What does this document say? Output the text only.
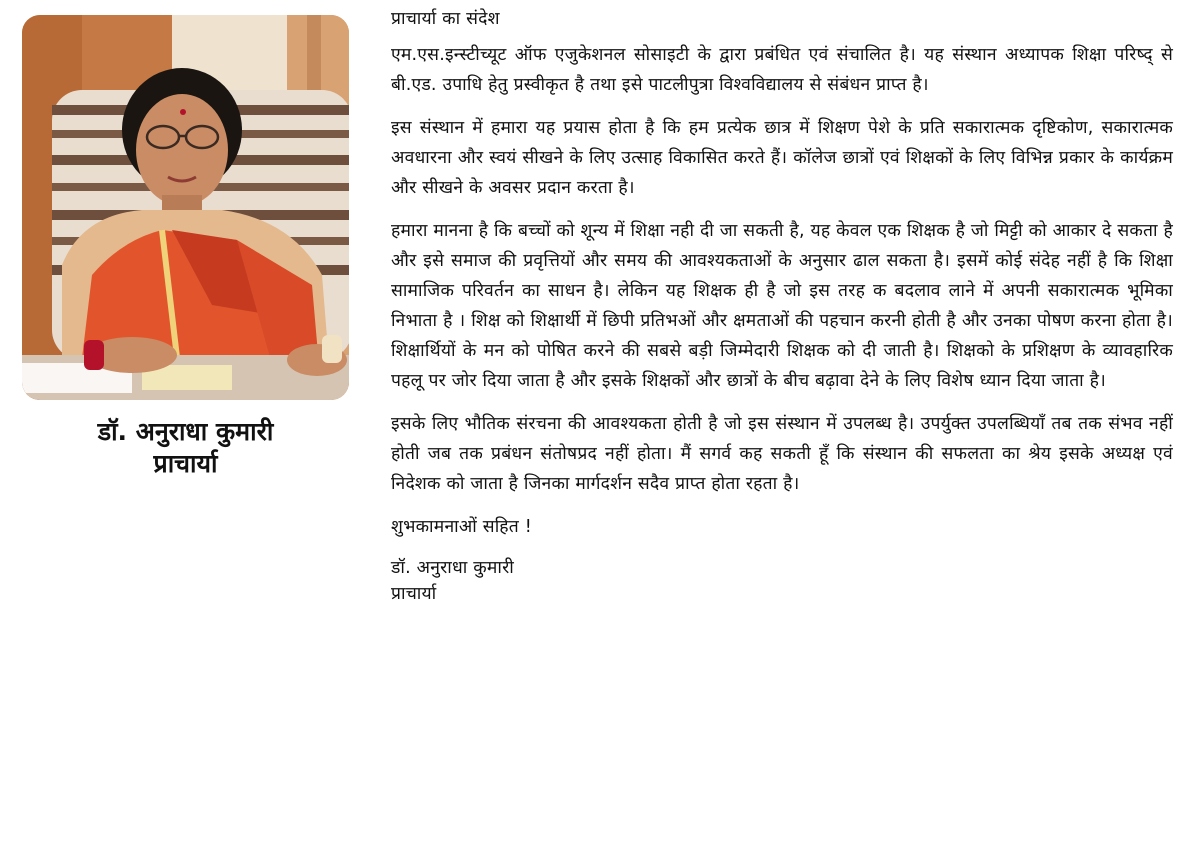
डॉ. अनुराधा कुमारी
प्राचार्या
प्राचार्या का संदेश

एम.एस.इन्स्टीच्यूट ऑफ एजुकेशनल सोसाइटी के द्वारा प्रबंधित एवं संचालित है। यह संस्थान अध्यापक शिक्षा परिष्द् से बी.एड. उपाधि हेतु प्रस्वीकृत है तथा इसे पाटलीपुत्रा विश्वविद्यालय से संबंधन प्राप्त है।

इस संस्थान में हमारा यह प्रयास होता है कि हम प्रत्येक छात्र में शिक्षण पेशे के प्रति सकारात्मक दृष्टिकोण, सकारात्मक अवधारना और स्वयं सीखने के लिए उत्साह विकासित करते हैं। कॉलेज छात्रों एवं शिक्षकों के लिए विभिन्न प्रकार के कार्यक्रम और सीखने के अवसर प्रदान करता है।

हमारा मानना है कि बच्चों को शून्य में शिक्षा नही दी जा सकती है, यह केवल एक शिक्षक है जो मिट्टी को आकार दे सकता है और इसे समाज की प्रवृत्तियों और समय की आवश्यकताओं के अनुसार ढाल सकता है। इसमें कोई संदेह नहीं है कि शिक्षा सामाजिक परिवर्तन का साधन है। लेकिन यह शिक्षक ही है जो इस तरह क बदलाव लाने में अपनी सकारात्मक भूमिका निभाता है । शिक्ष को शिक्षार्थी में छिपी प्रतिभओं और क्षमताओं की पहचान करनी होती है और उनका पोषण करना होता है। शिक्षार्थियों के मन को पोषित करने की सबसे बड़ी जिम्मेदारी शिक्षक को दी जाती है। शिक्षको के प्रशिक्षण के व्यावहारिक पहलू पर जोर दिया जाता है और इसके शिक्षकों और छात्रों के बीच बढ़ावा देने के लिए विशेष ध्यान दिया जाता है।

इसके लिए भौतिक संरचना की आवश्यकता होती है जो इस संस्थान में उपलब्ध है। उपर्युक्त उपलब्धियाँ तब तक संभव नहीं होती जब तक प्रबंधन संतोषप्रद नहीं होता। मैं सगर्व कह सकती हूँ कि संस्थान की सफलता का श्रेय इसके अध्यक्ष एवं निदेशक को जाता है जिनका मार्गदर्शन सदैव प्राप्त होता रहता है।

शुभकामनाओं सहित !

डॉ. अनुराधा कुमारी
प्राचार्या
